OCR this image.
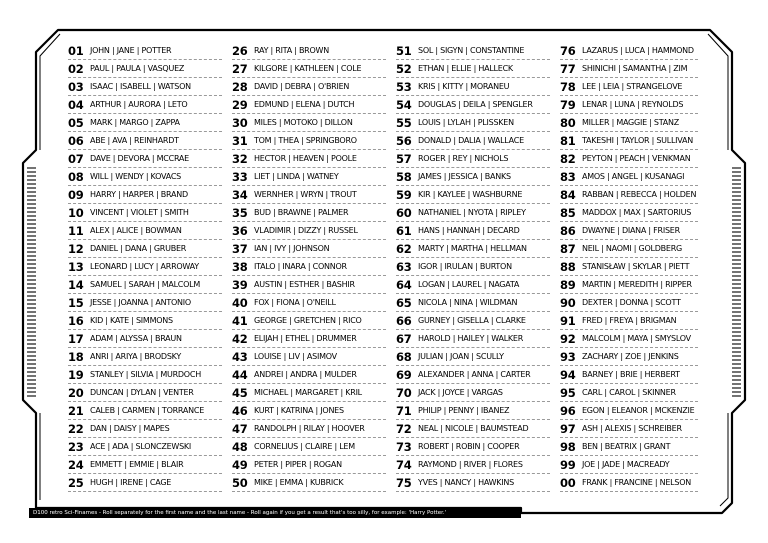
01 JOHN | JANE | POTTER
02 PAUL | PAULA | VASQUEZ
03 ISAAC | ISABELL | WATSON
04 ARTHUR | AURORA | LETO
05 MARK | MARGO | ZAPPA
06 ABE | AVA | REINHARDT
07 DAVE | DEVORA | MCCRAE
08 WILL | WENDY | KOVACS
09 HARRY | HARPER | BRAND
10 VINCENT | VIOLET | SMITH
11 ALEX | ALICE | BOWMAN
12 DANIEL | DANA | GRUBER
13 LEONARD | LUCY | ARROWAY
14 SAMUEL | SARAH | MALCOLM
15 JESSE | JOANNA | ANTONIO
16 KID | KATE | SIMMONS
17 ADAM | ALYSSA | BRAUN
18 ANRI | ARIYA | BRODSKY
19 STANLEY | SILVIA | MURDOCH
20 DUNCAN | DYLAN | VENTER
21 CALEB | CARMEN | TORRANCE
22 DAN | DAISY | MAPES
23 ACE | ADA | SLONCZEWSKI
24 EMMETT | EMMIE | BLAIR
25 HUGH | IRENE | CAGE
26 RAY | RITA | BROWN
27 KILGORE | KATHLEEN | COLE
28 DAVID | DEBRA | O'BRIEN
29 EDMUND | ELENA | DUTCH
30 MILES | MOTOKO | DILLON
31 TOM | THEA | SPRINGBORO
32 HECTOR | HEAVEN | POOLE
33 LIET | LINDA | WATNEY
34 WERNHER | WRYN | TROUT
35 BUD | BRAWNE | PALMER
36 VLADIMIR | DIZZY | RUSSEL
37 IAN | IVY | JOHNSON
38 ITALO | INARA | CONNOR
39 AUSTIN | ESTHER | BASHIR
40 FOX | FIONA | O'NEILL
41 GEORGE | GRETCHEN | RICO
42 ELIJAH | ETHEL | DRUMMER
43 LOUISE | LIV | ASIMOV
44 ANDREI | ANDRA | MULDER
45 MICHAEL | MARGARET | KRIL
46 KURT | KATRINA | JONES
47 RANDOLPH | RILAY | HOOVER
48 CORNELIUS | CLAIRE | LEM
49 PETER | PIPER | ROGAN
50 MIKE | EMMA | KUBRICK
51 SOL | SIGYN | CONSTANTINE
52 ETHAN | ELLIE | HALLECK
53 KRIS | KITTY | MORANEU
54 DOUGLAS | DEILA | SPENGLER
55 LOUIS | LYLAH | PLISSKEN
56 DONALD | DALIA | WALLACE
57 ROGER | REY | NICHOLS
58 JAMES | JESSICA | BANKS
59 KIR | KAYLEE | WASHBURNE
60 NATHANIEL | NYOTA | RIPLEY
61 HANS | HANNAH | DECARD
62 MARTY | MARTHA | HELLMAN
63 IGOR | IRULAN | BURTON
64 LOGAN | LAUREL | NAGATA
65 NICOLA | NINA | WILDMAN
66 GURNEY | GISELLA | CLARKE
67 HAROLD | HAILEY | WALKER
68 JULIAN | JOAN | SCULLY
69 ALEXANDER | ANNA | CARTER
70 JACK | JOYCE | VARGAS
71 PHILIP | PENNY | IBANEZ
72 NEAL | NICOLE | BAUMSTEAD
73 ROBERT | ROBIN | COOPER
74 RAYMOND | RIVER | FLORES
75 YVES | NANCY | HAWKINS
76 LAZARUS | LUCA | HAMMOND
77 SHINICHI | SAMANTHA | ZIM
78 LEE | LEIA | STRANGELOVE
79 LENAR | LUNA | REYNOLDS
80 MILLER | MAGGIE | STANZ
81 TAKESHI | TAYLOR | SULLIVAN
82 PEYTON | PEACH | VENKMAN
83 AMOS | ANGEL | KUSANAGI
84 RABBAN | REBECCA | HOLDEN
85 MADDOX | MAX | SARTORIUS
86 DWAYNE | DIANA | FRISER
87 NEIL | NAOMI | GOLDBERG
88 STANISŁAW | SKYLAR | PIETT
89 MARTIN | MEREDITH | RIPPER
90 DEXTER | DONNA | SCOTT
91 FRED | FREYA | BRIGMAN
92 MALCOLM | MAYA | SMYSLOV
93 ZACHARY | ZOE | JENKINS
94 BARNEY | BRIE | HERBERT
95 CARL | CAROL | SKINNER
96 EGON | ELEANOR | MCKENZIE
97 ASH | ALEXIS | SCHREIBER
98 BEN | BEATRIX | GRANT
99 JOE | JADE | MACREADY
00 FRANK | FRANCINE | NELSON
D100 retro Sci-Finames - Roll separately for the first name and the last name - Roll again if you get a result that's too silly, for example: 'Harry Potter.'
